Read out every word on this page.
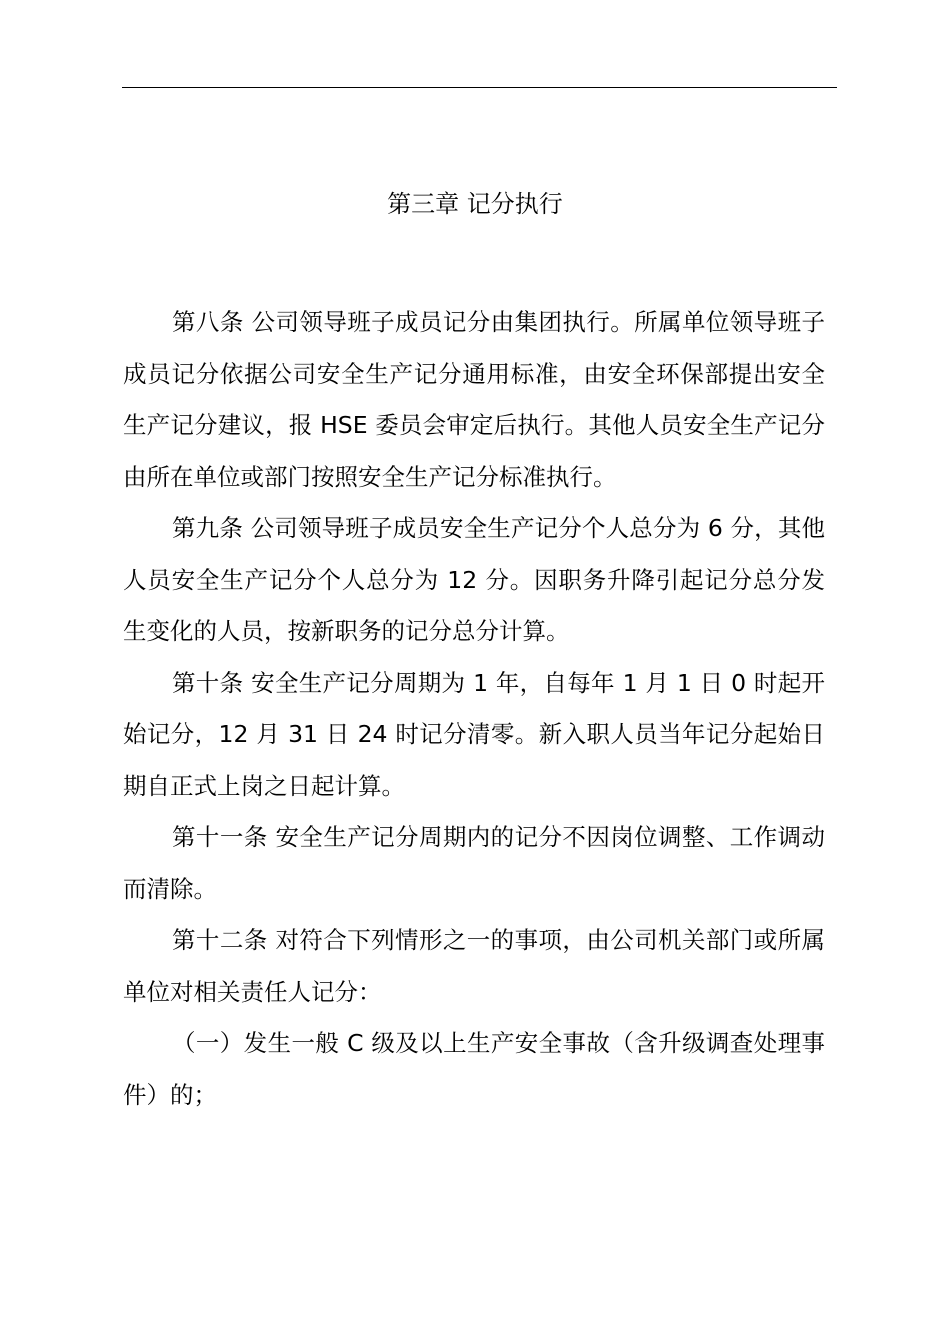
第三章 记分执行

第八条 公司领导班子成员记分由集团执行。所属单位领导班子成员记分依据公司安全生产记分通用标准，由安全环保部提出安全生产记分建议，报 HSE 委员会审定后执行。其他人员安全生产记分由所在单位或部门按照安全生产记分标准执行。

第九条 公司领导班子成员安全生产记分个人总分为 6 分，其他人员安全生产记分个人总分为 12 分。因职务升降引起记分总分发生变化的人员，按新职务的记分总分计算。

第十条 安全生产记分周期为 1 年，自每年 1 月 1 日 0 时起开始记分，12 月 31 日 24 时记分清零。新入职人员当年记分起始日期自正式上岗之日起计算。

第十一条 安全生产记分周期内的记分不因岗位调整、工作调动而清除。

第十二条 对符合下列情形之一的事项，由公司机关部门或所属单位对相关责任人记分：

（一）发生一般 C 级及以上生产安全事故（含升级调查处理事件）的；
